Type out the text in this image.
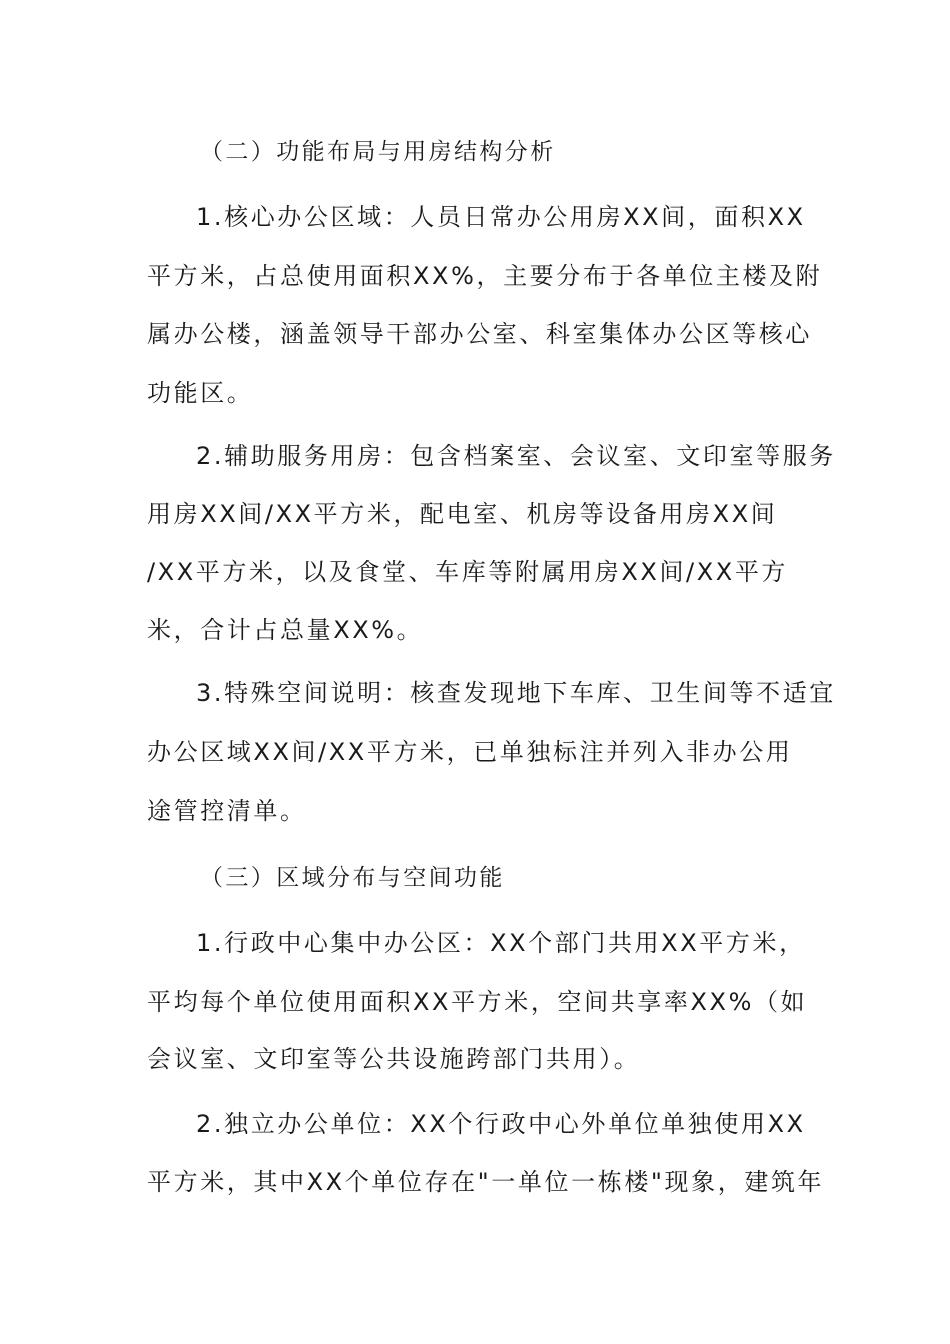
（二）功能布局与用房结构分析
1.核心办公区域：人员日常办公用房XX间，面积XX
平方米，占总使用面积XX%，主要分布于各单位主楼及附
属办公楼，涵盖领导干部办公室、科室集体办公区等核心
功能区。
2.辅助服务用房：包含档案室、会议室、文印室等服务
用房XX间/XX平方米，配电室、机房等设备用房XX间
/XX平方米，以及食堂、车库等附属用房XX间/XX平方
米，合计占总量XX%。
3.特殊空间说明：核查发现地下车库、卫生间等不适宜
办公区域XX间/XX平方米，已单独标注并列入非办公用
途管控清单。
（三）区域分布与空间功能
1.行政中心集中办公区：XX个部门共用XX平方米，
平均每个单位使用面积XX平方米，空间共享率XX%（如
会议室、文印室等公共设施跨部门共用）。
2.独立办公单位：XX个行政中心外单位单独使用XX
平方米，其中XX个单位存在"一单位一栋楼"现象，建筑年
